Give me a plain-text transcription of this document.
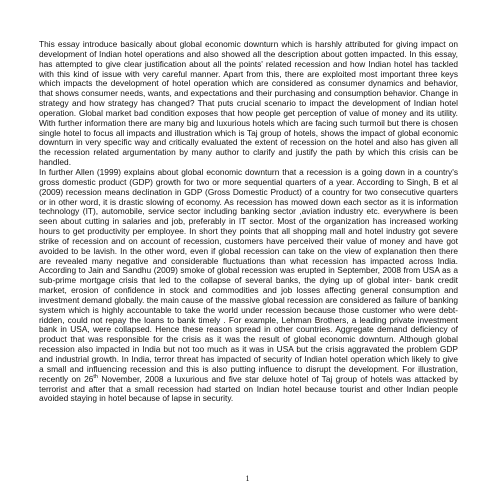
This essay introduce basically about global economic downturn which is harshly attributed for giving impact on development of Indian hotel operations and also showed all the description about gotten impacted. In this essay, has attempted to give clear justification about all the points' related recession and how Indian hotel has tackled with this kind of issue with very careful manner. Apart from this, there are exploited most important three keys which impacts the development of hotel operation which are considered as consumer dynamics and behavior, that shows consumer needs, wants, and expectations and their purchasing and consumption behavior. Change in strategy and how strategy has changed? That puts crucial scenario to impact the development of Indian hotel operation. Global market bad condition exposes that how people get perception of value of money and its utility. With further information there are many big and luxurious hotels which are facing such turmoil but there is chosen single hotel to focus all impacts and illustration which is Taj group of hotels, shows the impact of global economic downturn in very specific way and critically evaluated the extent of recession on the hotel and also has given all the recession related argumentation by many author to clarify and justify the path by which this crisis can be handled.

In further Allen (1999) explains about global economic downturn that a recession is a going down in a country's gross domestic product (GDP) growth for two or more sequential quarters of a year. According to Singh, B et al (2009) recession means declination in GDP (Gross Domestic Product) of a country for two consecutive quarters or in other word, it is drastic slowing of economy. As recession has mowed down each sector as it is information technology (IT), automobile, service sector including banking sector ,aviation industry etc. everywhere is been seen about cutting in salaries and job, preferably in IT sector. Most of the organization has increased working hours to get productivity per employee. In short they points that all shopping mall and hotel industry got severe strike of recession and on account of recession, customers have perceived their value of money and have got avoided to be lavish. In the other word, even if global recession can take on the view of explanation then there are revealed many negative and considerable fluctuations than what recession has impacted across India. According to Jain and Sandhu (2009) smoke of global recession was erupted in September, 2008 from USA as a sub-prime mortgage crisis that led to the collapse of several banks, the dying up of global inter- bank credit market, erosion of confidence in stock and commodities and job losses affecting general consumption and investment demand globally. the main cause of the massive global recession are considered as failure of banking system which is highly accountable to take the world under recession because those customer who were debt-ridden, could not repay the loans to bank timely . For example, Lehman Brothers, a leading private investment bank in USA, were collapsed. Hence these reason spread in other countries. Aggregate demand deficiency of product that was responsible for the crisis as it was the result of global economic downturn. Although global recession also impacted in India but not too much as it was in USA but the crisis aggravated the problem GDP and industrial growth. In India, terror threat has impacted of security of Indian hotel operation which likely to give a small and influencing recession and this is also putting influence to disrupt the development. For illustration, recently on 26th November, 2008 a luxurious and five star deluxe hotel of Taj group of hotels was attacked by terrorist and after that a small recession had started on Indian hotel because tourist and other Indian people avoided staying in hotel because of lapse in security.

1
